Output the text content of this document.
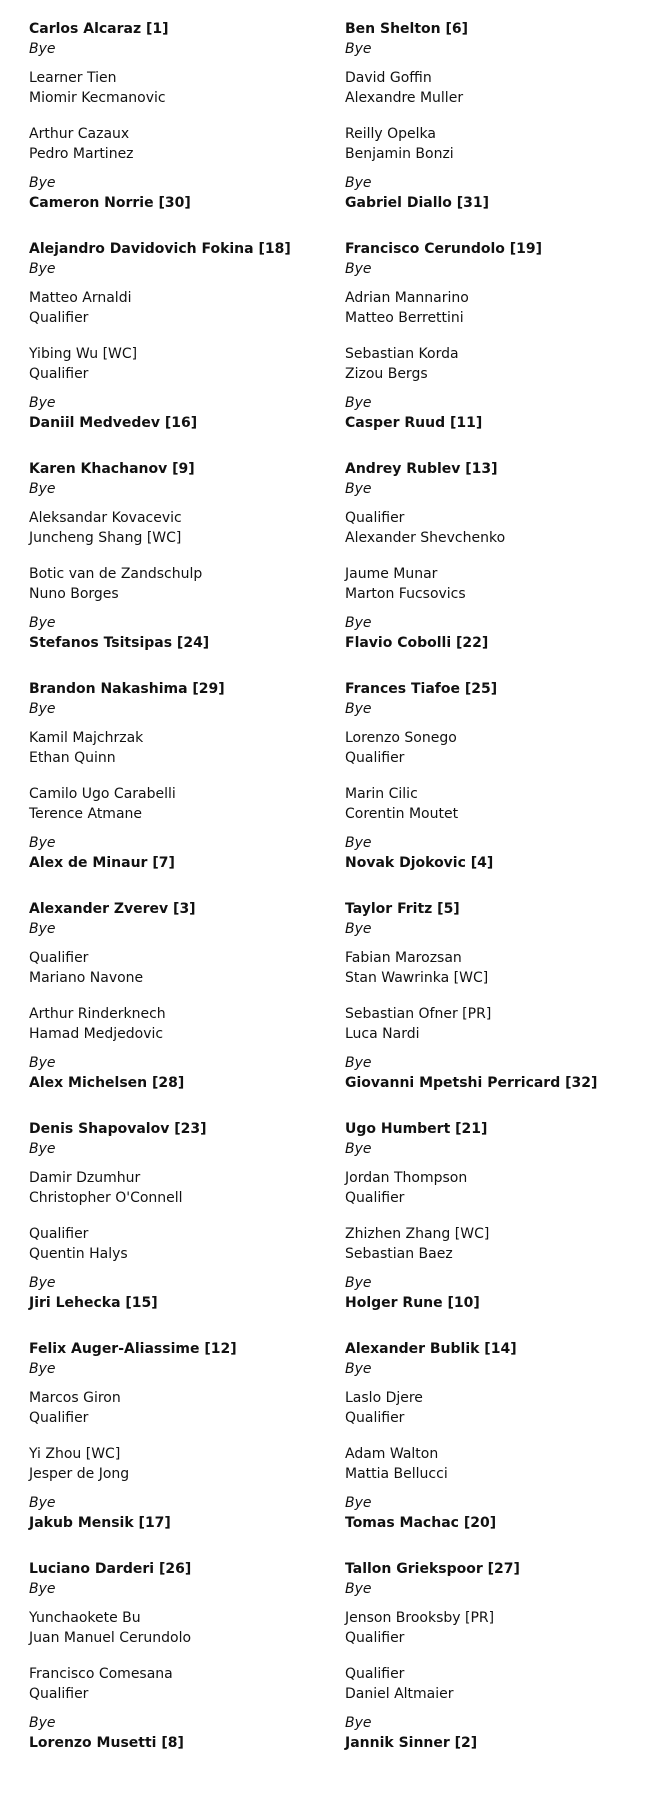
Carlos Alcaraz [1]
Bye
Learner Tien
Miomir Kecmanovic
Arthur Cazaux
Pedro Martinez
Bye
Cameron Norrie [30]
Alejandro Davidovich Fokina [18]
Bye
Matteo Arnaldi
Qualifier
Yibing Wu [WC]
Qualifier
Bye
Daniil Medvedev [16]
Karen Khachanov [9]
Bye
Aleksandar Kovacevic
Juncheng Shang [WC]
Botic van de Zandschulp
Nuno Borges
Bye
Stefanos Tsitsipas [24]
Brandon Nakashima [29]
Bye
Kamil Majchrzak
Ethan Quinn
Camilo Ugo Carabelli
Terence Atmane
Bye
Alex de Minaur [7]
Alexander Zverev [3]
Bye
Qualifier
Mariano Navone
Arthur Rinderknech
Hamad Medjedovic
Bye
Alex Michelsen [28]
Denis Shapovalov [23]
Bye
Damir Dzumhur
Christopher O'Connell
Qualifier
Quentin Halys
Bye
Jiri Lehecka [15]
Felix Auger-Aliassime [12]
Bye
Marcos Giron
Qualifier
Yi Zhou [WC]
Jesper de Jong
Bye
Jakub Mensik [17]
Luciano Darderi [26]
Bye
Yunchaokete Bu
Juan Manuel Cerundolo
Francisco Comesana
Qualifier
Bye
Lorenzo Musetti [8]
Ben Shelton [6]
Bye
David Goffin
Alexandre Muller
Reilly Opelka
Benjamin Bonzi
Bye
Gabriel Diallo [31]
Francisco Cerundolo [19]
Bye
Adrian Mannarino
Matteo Berrettini
Sebastian Korda
Zizou Bergs
Bye
Casper Ruud [11]
Andrey Rublev [13]
Bye
Qualifier
Alexander Shevchenko
Jaume Munar
Marton Fucsovics
Bye
Flavio Cobolli [22]
Frances Tiafoe [25]
Bye
Lorenzo Sonego
Qualifier
Marin Cilic
Corentin Moutet
Bye
Novak Djokovic [4]
Taylor Fritz [5]
Bye
Fabian Marozsan
Stan Wawrinka [WC]
Sebastian Ofner [PR]
Luca Nardi
Bye
Giovanni Mpetshi Perricard [32]
Ugo Humbert [21]
Bye
Jordan Thompson
Qualifier
Zhizhen Zhang [WC]
Sebastian Baez
Bye
Holger Rune [10]
Alexander Bublik [14]
Bye
Laslo Djere
Qualifier
Adam Walton
Mattia Bellucci
Bye
Tomas Machac [20]
Tallon Griekspoor [27]
Bye
Jenson Brooksby [PR]
Qualifier
Qualifier
Daniel Altmaier
Bye
Jannik Sinner [2]
